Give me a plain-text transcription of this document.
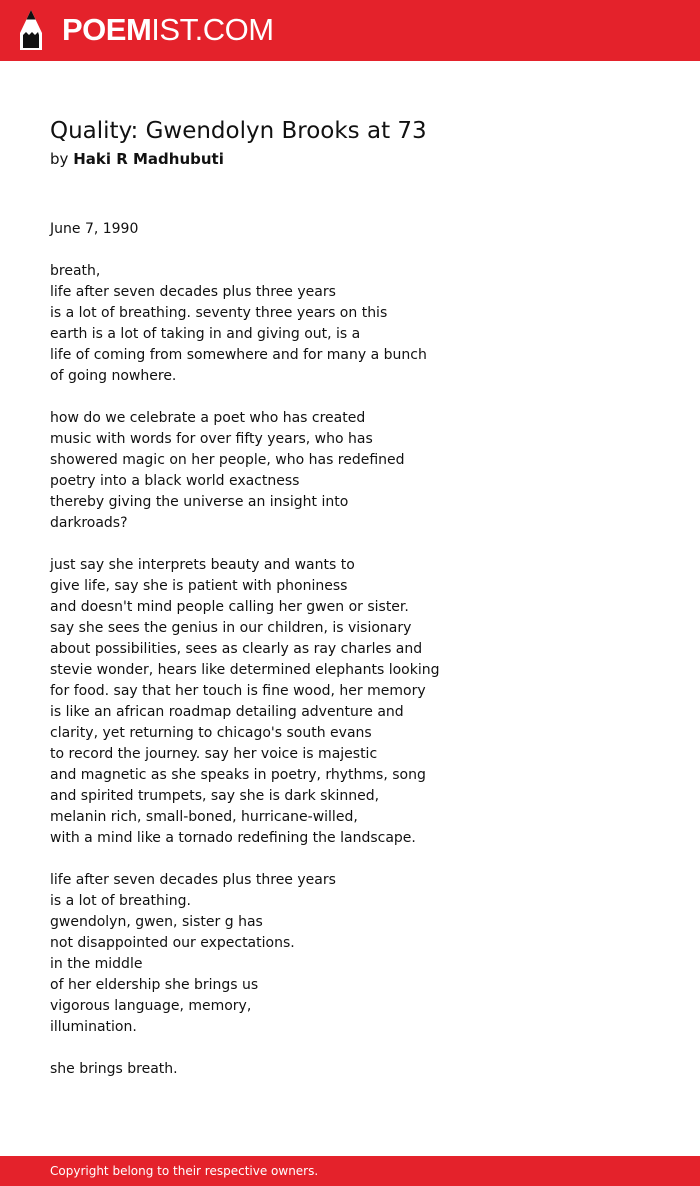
POEMIST.COM
Quality: Gwendolyn Brooks at 73
by Haki R Madhubuti
June 7, 1990
breath,
life after seven decades plus three years
is a lot of breathing. seventy three years on this
earth is a lot of taking in and giving out, is a
life of coming from somewhere and for many a bunch
of going nowhere.
how do we celebrate a poet who has created
music with words for over fifty years, who has
showered magic on her people, who has redefined
poetry into a black world exactness
thereby giving the universe an insight into
darkroads?
just say she interprets beauty and wants to
give life, say she is patient with phoniness
and doesn't mind people calling her gwen or sister.
say she sees the genius in our children, is visionary
about possibilities, sees as clearly as ray charles and
stevie wonder, hears like determined elephants looking
for food. say that her touch is fine wood, her memory
is like an african roadmap detailing adventure and
clarity, yet returning to chicago's south evans
to record the journey. say her voice is majestic
and magnetic as she speaks in poetry, rhythms, song
and spirited trumpets, say she is dark skinned,
melanin rich, small-boned, hurricane-willed,
with a mind like a tornado redefining the landscape.
life after seven decades plus three years
is a lot of breathing.
gwendolyn, gwen, sister g has
not disappointed our expectations.
in the middle
of her eldership she brings us
vigorous language, memory,
illumination.
she brings breath.
Copyright belong to their respective owners.
